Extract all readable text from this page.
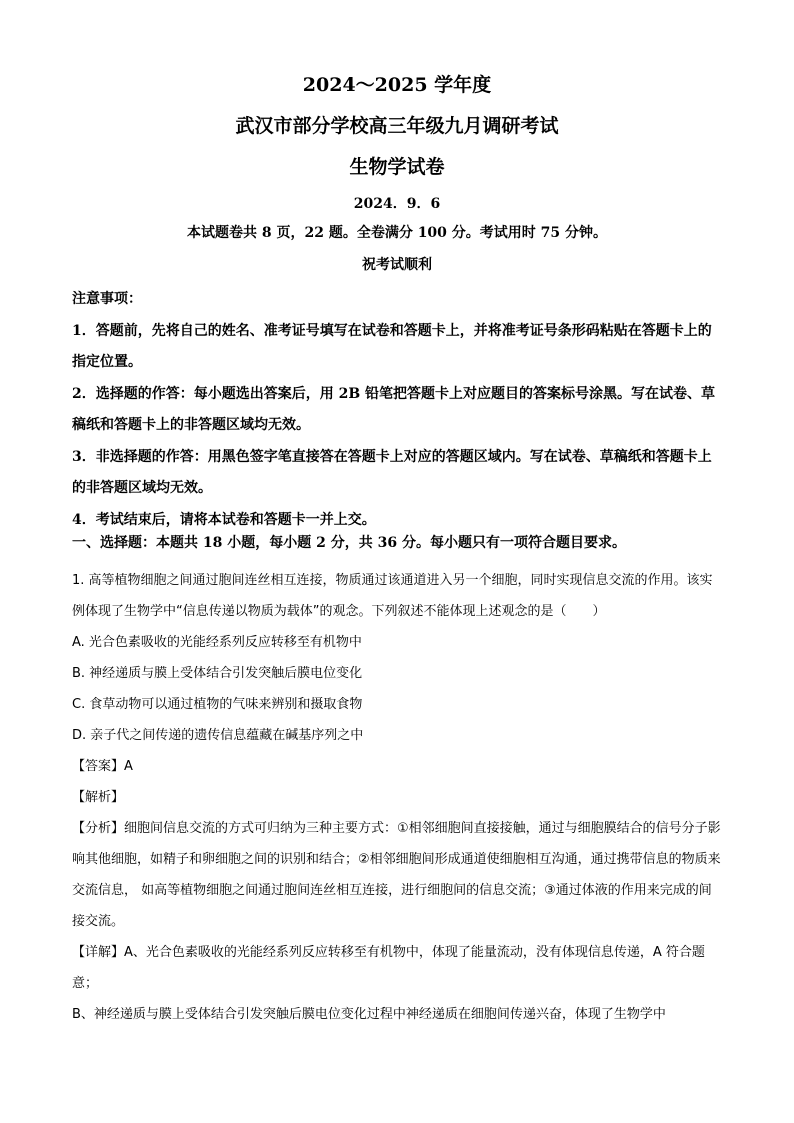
2024～2025 学年度
武汉市部分学校高三年级九月调研考试
生物学试卷
2024．9．6
本试题卷共 8 页，22 题。全卷满分 100 分。考试用时 75 分钟。
祝考试顺利

注意事项：

1．答题前，先将自己的姓名、准考证号填写在试卷和答题卡上，并将准考证号条形码粘贴在答题卡上的指定位置。

2．选择题的作答：每小题选出答案后，用 2B 铅笔把答题卡上对应题目的答案标号涂黑。写在试卷、草稿纸和答题卡上的非答题区域均无效。

3．非选择题的作答：用黑色签字笔直接答在答题卡上对应的答题区域内。写在试卷、草稿纸和答题卡上的非答题区域均无效。

4．考试结束后，请将本试卷和答题卡一并上交。

一、选择题：本题共 18 小题，每小题 2 分，共 36 分。每小题只有一项符合题目要求。

1. 高等植物细胞之间通过胞间连丝相互连接，物质通过该通道进入另一个细胞，同时实现信息交流的作用。该实例体现了生物学中“信息传递以物质为载体”的观念。下列叙述不能体现上述观念的是（　　）

A. 光合色素吸收的光能经系列反应转移至有机物中

B. 神经递质与膜上受体结合引发突触后膜电位变化

C. 食草动物可以通过植物的气味来辨别和摄取食物

D. 亲子代之间传递的遗传信息蕴藏在碱基序列之中

【答案】A

【解析】

【分析】细胞间信息交流的方式可归纳为三种主要方式：①相邻细胞间直接接触，通过与细胞膜结合的信号分子影响其他细胞，如精子和卵细胞之间的识别和结合；②相邻细胞间形成通道使细胞相互沟通，通过携带信息的物质来交流信息， 如高等植物细胞之间通过胞间连丝相互连接，进行细胞间的信息交流；③通过体液的作用来完成的间接交流。

【详解】A、光合色素吸收的光能经系列反应转移至有机物中，体现了能量流动，没有体现信息传递，A 符合题意；

B、神经递质与膜上受体结合引发突触后膜电位变化过程中神经递质在细胞间传递兴奋，体现了生物学中
